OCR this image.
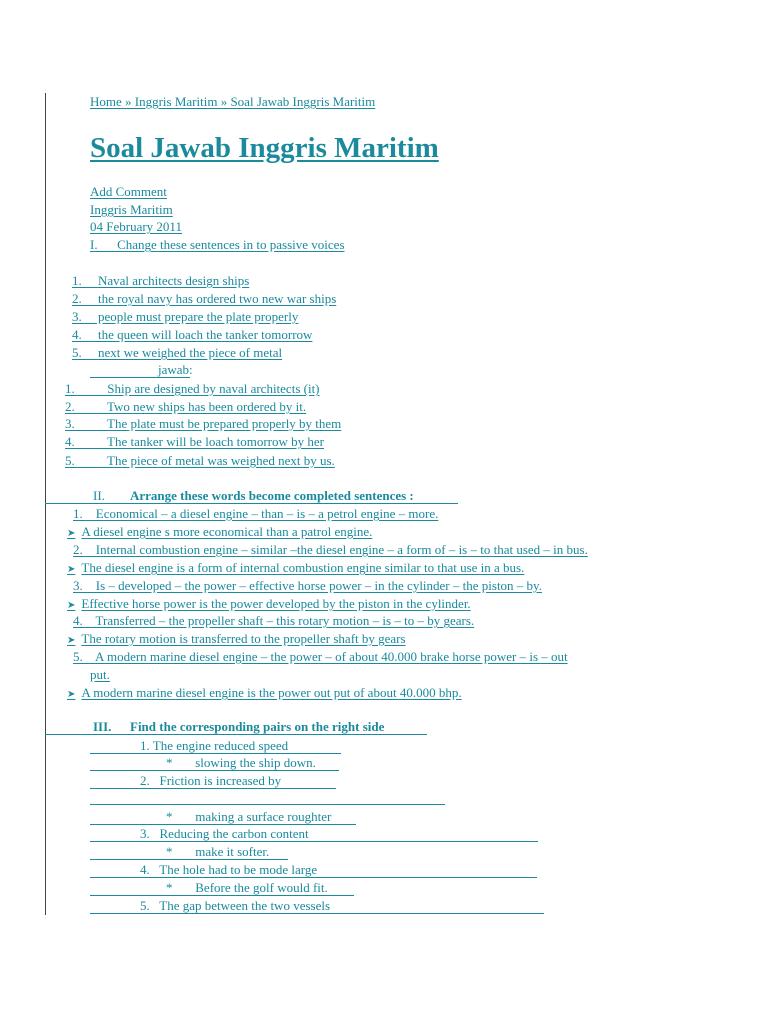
Home » Inggris Maritim » Soal Jawab Inggris Maritim
Soal Jawab Inggris Maritim
Add Comment
Inggris Maritim
04 February 2011
I.      Change these sentences in to passive voices
1.     Naval architects design ships
2.     the royal navy has ordered two new war ships
3.     people must prepare the plate properly
4.     the queen will loach the tanker tomorrow
5.     next we weighed the piece of metal
jawab:
1.          Ship are designed by naval architects (it)
2.          Two new ships has been ordered by it.
3.          The plate must be prepared properly by them
4.          The tanker will be loach tomorrow by her
5.          The piece of metal was weighed next by us.
II. Arrange these words become completed sentences :
1.    Economical – a diesel engine – than – is – a petrol engine – more.
➤ A diesel engine s more economical than a patrol engine.
2.    Internal combustion engine – similar –the diesel engine – a form of – is – to that used – in bus.
➤ The diesel engine is a form of internal combustion engine similar to that use in a bus.
3.    Is – developed – the power – effective horse power – in the cylinder – the piston – by.
➤ Effective horse power is the power developed by the piston in the cylinder.
4.    Transferred – the propeller shaft – this rotary motion – is – to – by gears.
➤ The rotary motion is transferred to the propeller shaft by gears
5.    A modern marine diesel engine – the power – of about 40.000 brake horse power – is – out
put.
➤ A modern marine diesel engine is the power out put of about 40.000 bhp.
III. Find the corresponding pairs on the right side
1. The engine reduced speed
*       slowing the ship down.
2.   Friction is increased by
*       making a surface roughter
3.   Reducing the carbon content
*       make it softer.
4.   The hole had to be mode large
*       Before the golf would fit.
5.   The gap between the two vessels
